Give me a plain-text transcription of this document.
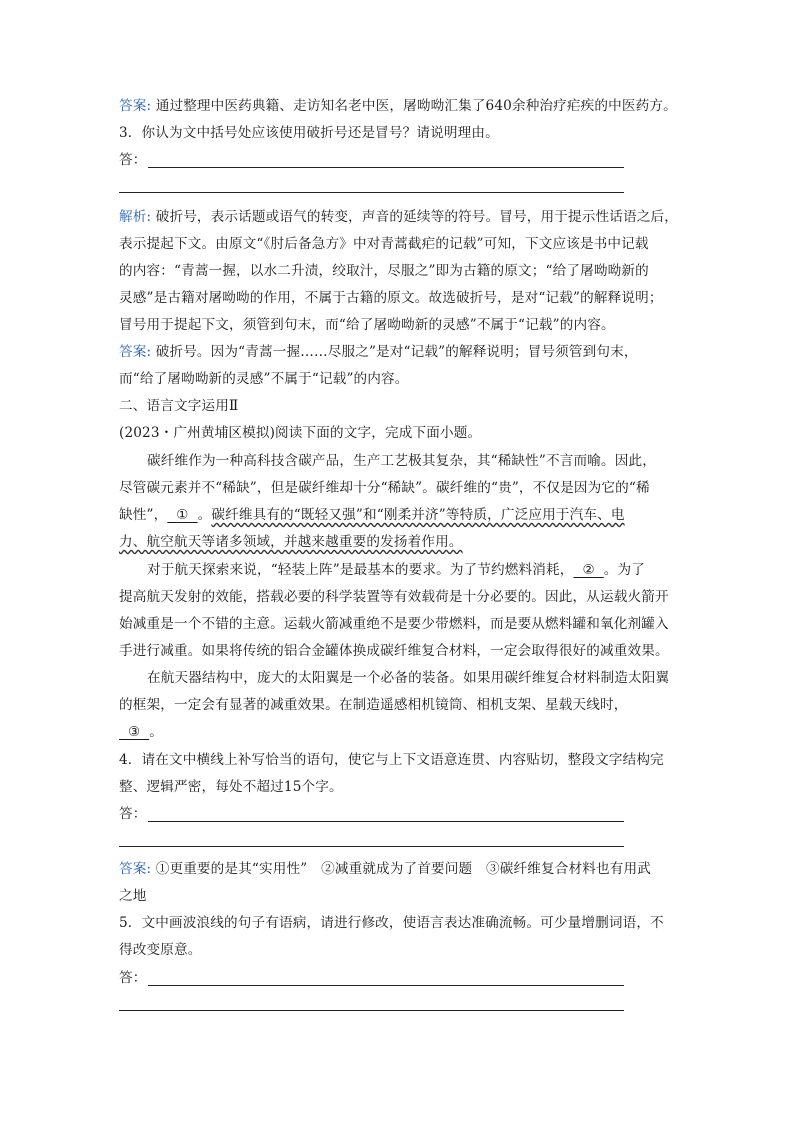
答案: 通过整理中医药典籍、走访知名老中医，屠呦呦汇集了640余种治疗疟疾的中医药方。
3．你认为文中括号处应该使用破折号还是冒号？请说明理由。
答：
解析: 破折号，表示话题或语气的转变，声音的延续等的符号。冒号，用于提示性话语之后，
表示提起下文。由原文“《肘后备急方》中对青蒿截疟的记载”可知，下文应该是书中记载
的内容：“青蒿一握，以水二升渍，绞取汁，尽服之”即为古籍的原文；“给了屠呦呦新的
灵感”是古籍对屠呦呦的作用，不属于古籍的原文。故选破折号，是对“记载”的解释说明；
冒号用于提起下文，须管到句末，而“给了屠呦呦新的灵感”不属于“记载”的内容。
答案: 破折号。因为“青蒿一握……尽服之”是对“记载”的解释说明；冒号须管到句末，
而“给了屠呦呦新的灵感”不属于“记载”的内容。
二、语言文字运用Ⅱ
(2023・广州黄埔区模拟)阅读下面的文字，完成下面小题。
碳纤维作为一种高科技含碳产品，生产工艺极其复杂，其“稀缺性”不言而喻。因此，
尽管碳元素并不“稀缺”，但是碳纤维却十分“稀缺”。碳纤维的“贵”，不仅是因为它的“稀
缺性”， ① 。碳纤维具有的“既轻又强”和“刚柔并济”等特质，广泛应用于汽车、电
力、航空航天等诸多领域，并越来越重要的发扬着作用。
对于航天探索来说，“轻装上阵”是最基本的要求。为了节约燃料消耗， ② 。为了
提高航天发射的效能，搭载必要的科学装置等有效载荷是十分必要的。因此，从运载火箭开
始减重是一个不错的主意。运载火箭减重绝不是要少带燃料，而是要从燃料罐和氧化剂罐入
手进行减重。如果将传统的铝合金罐体换成碳纤维复合材料，一定会取得很好的减重效果。
在航天器结构中，庞大的太阳翼是一个必备的装备。如果用碳纤维复合材料制造太阳翼
的框架，一定会有显著的减重效果。在制造遥感相机镜筒、相机支架、星载天线时，
③ 。
4．请在文中横线上补写恰当的语句，使它与上下文语意连贯、内容贴切，整段文字结构完
整、逻辑严密，每处不超过15个字。
答：
答案: ①更重要的是其“实用性”　②减重就成为了首要问题　③碳纤维复合材料也有用武
之地
5．文中画波浪线的句子有语病，请进行修改，使语言表达准确流畅。可少量增删词语，不
得改变原意。
答：
